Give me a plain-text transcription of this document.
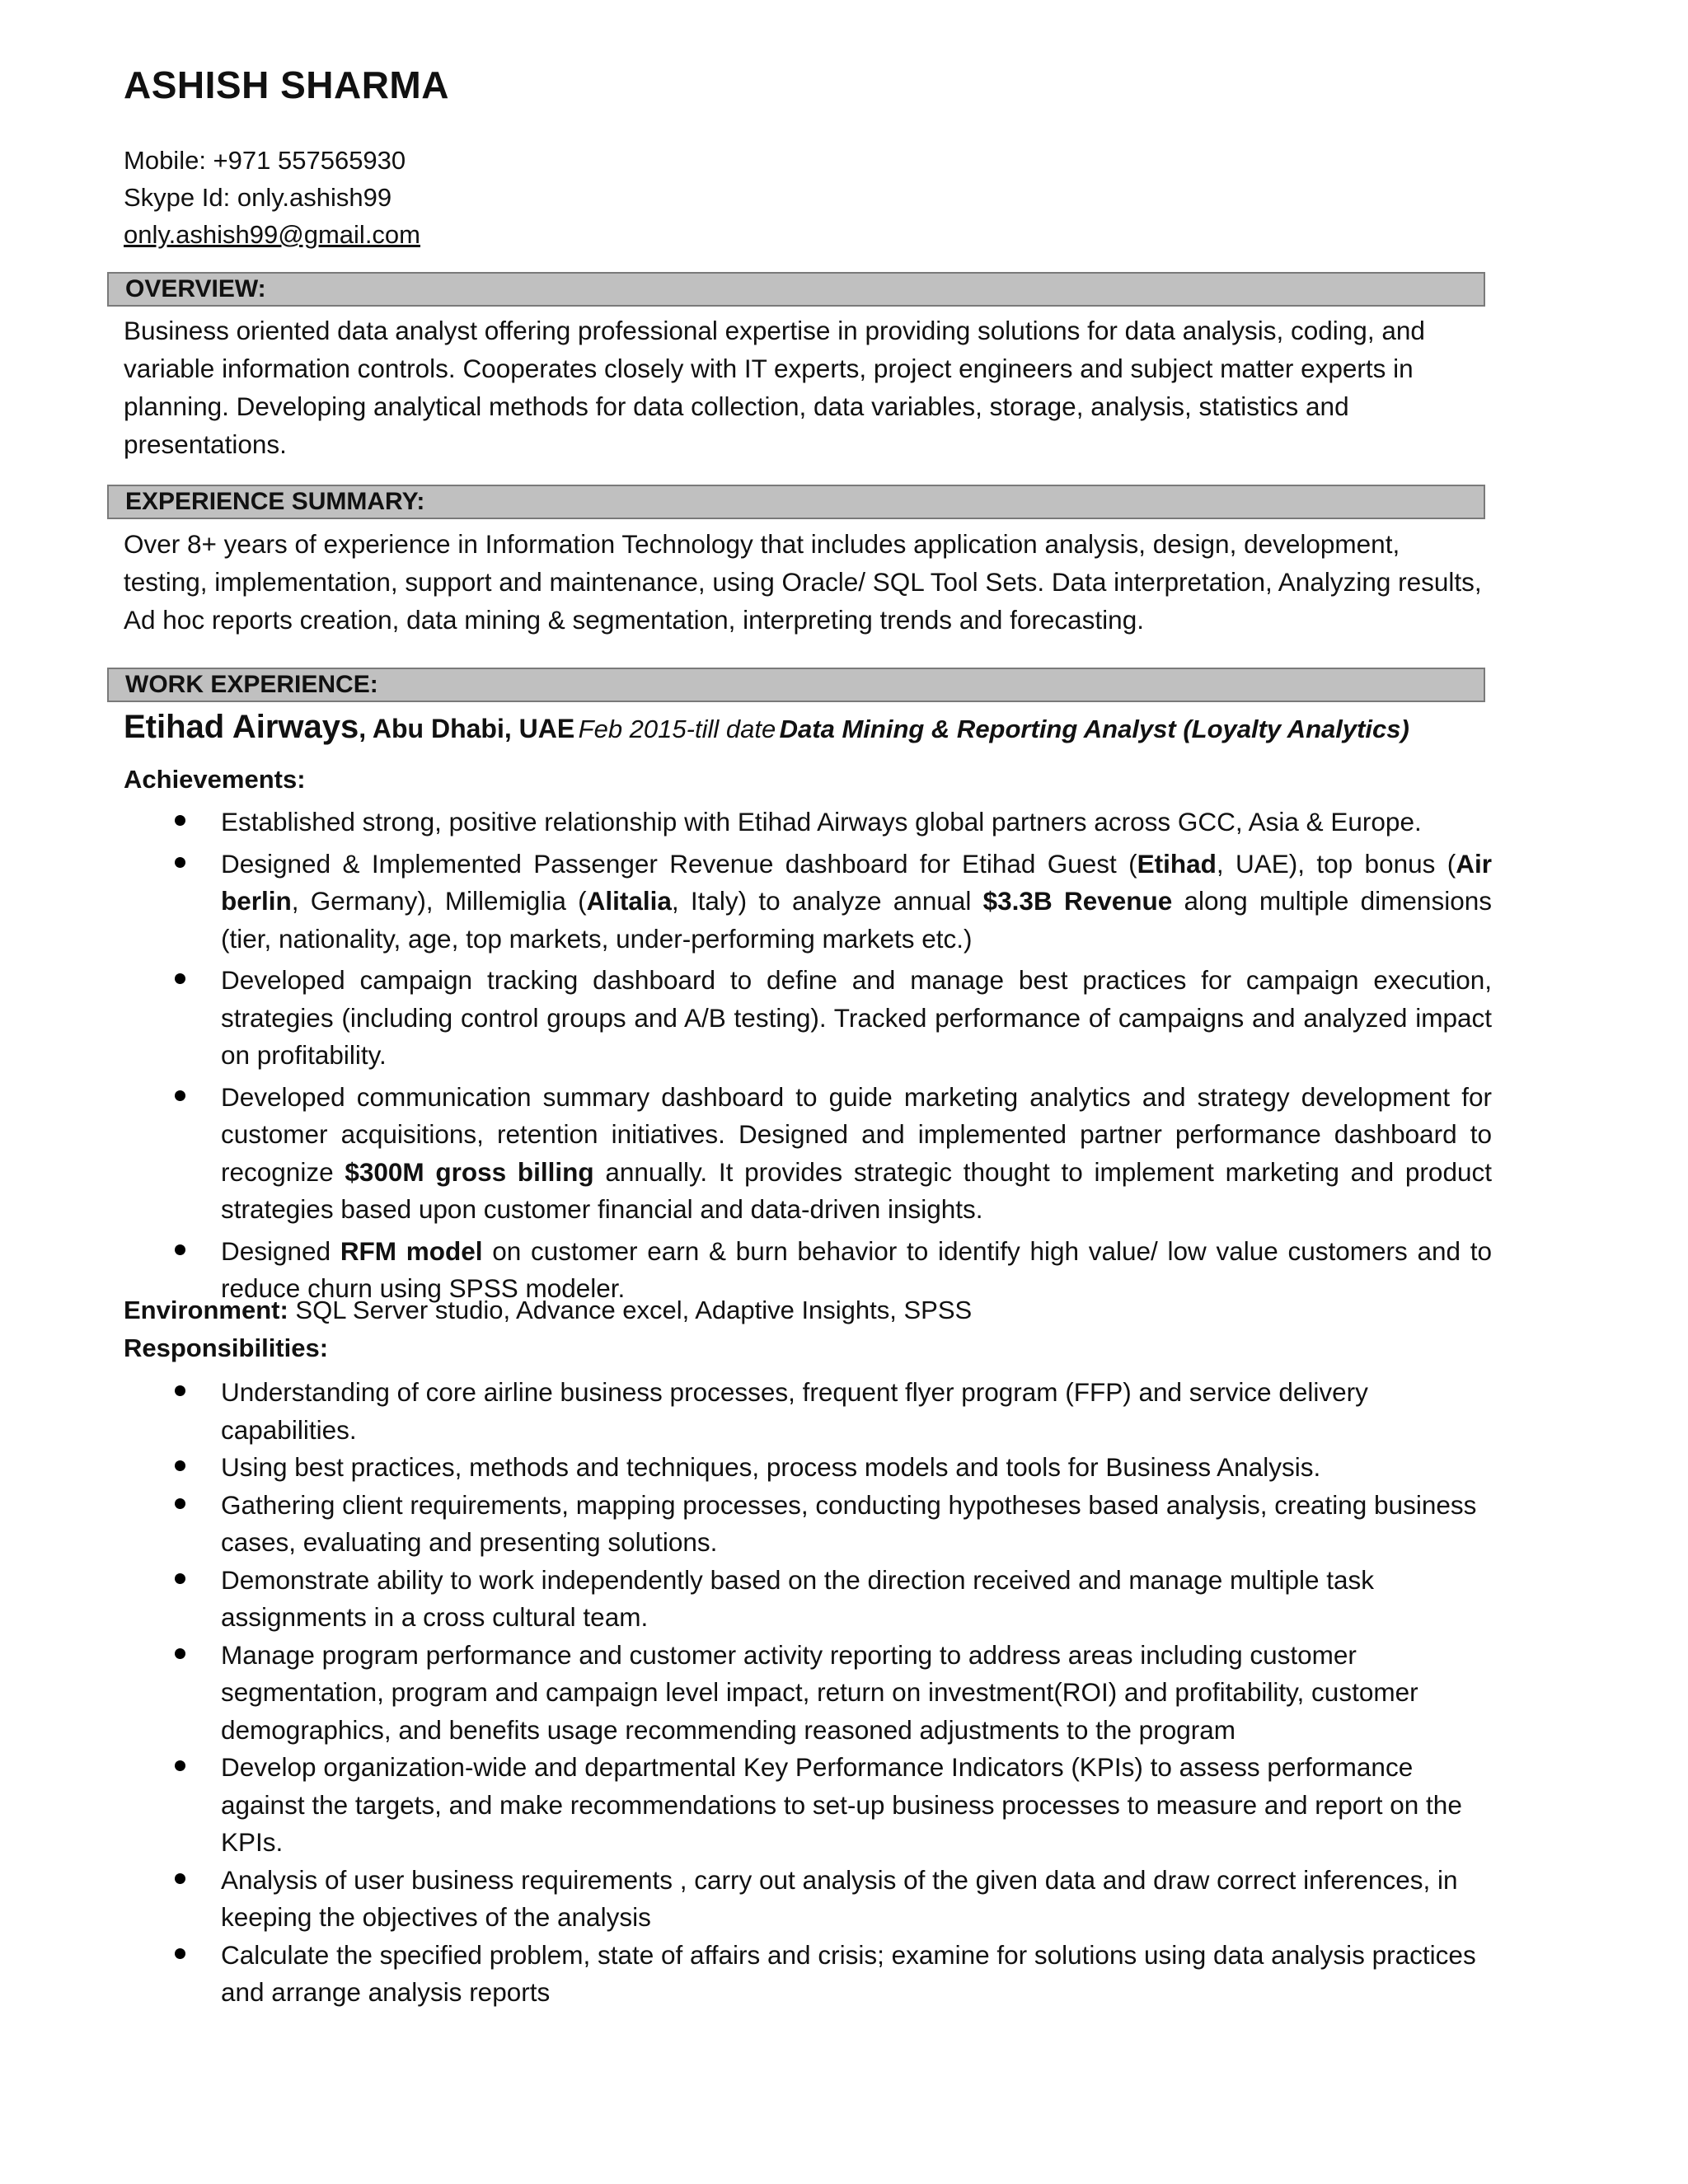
ASHISH SHARMA
Mobile: +971 557565930
Skype Id: only.ashish99
only.ashish99@gmail.com
OVERVIEW:

Business oriented data analyst offering professional expertise in providing solutions for data analysis, coding, and variable information controls. Cooperates closely with IT experts, project engineers and subject matter experts in planning. Developing analytical methods for data collection, data variables, storage, analysis, statistics and presentations.

EXPERIENCE SUMMARY:

Over 8+ years of experience in Information Technology that includes application analysis, design, development, testing, implementation, support and maintenance, using Oracle/ SQL Tool Sets. Data interpretation, Analyzing results, Ad hoc reports creation, data mining & segmentation, interpreting trends and forecasting.

WORK EXPERIENCE:
Etihad Airways, Abu Dhabi, UAE Feb 2015-till date Data Mining & Reporting Analyst (Loyalty Analytics)
Achievements:
Established strong, positive relationship with Etihad Airways global partners across GCC, Asia & Europe.
Designed & Implemented Passenger Revenue dashboard for Etihad Guest (Etihad, UAE), top bonus (Air berlin, Germany), Millemiglia (Alitalia, Italy) to analyze annual $3.3B Revenue along multiple dimensions (tier, nationality, age, top markets, under-performing markets etc.)
Developed campaign tracking dashboard to define and manage best practices for campaign execution, strategies (including control groups and A/B testing). Tracked performance of campaigns and analyzed impact on profitability.
Developed communication summary dashboard to guide marketing analytics and strategy development for customer acquisitions, retention initiatives. Designed and implemented partner performance dashboard to recognize $300M gross billing annually. It provides strategic thought to implement marketing and product strategies based upon customer financial and data-driven insights.
Designed RFM model on customer earn & burn behavior to identify high value/ low value customers and to reduce churn using SPSS modeler.
Environment: SQL Server studio, Advance excel, Adaptive Insights, SPSS
Responsibilities:
Understanding of core airline business processes, frequent flyer program (FFP) and service delivery capabilities.
Using best practices, methods and techniques, process models and tools for Business Analysis.
Gathering client requirements, mapping processes, conducting hypotheses based analysis, creating business cases, evaluating and presenting solutions.
Demonstrate ability to work independently based on the direction received and manage multiple task assignments in a cross cultural team.
Manage program performance and customer activity reporting to address areas including customer segmentation, program and campaign level impact, return on investment(ROI) and profitability, customer demographics, and benefits usage recommending reasoned adjustments to the program
Develop organization-wide and departmental Key Performance Indicators (KPIs) to assess performance against the targets, and make recommendations to set-up business processes to measure and report on the KPIs.
Analysis of user business requirements , carry out analysis of the given data and draw correct inferences, in keeping the objectives of the analysis
Calculate the specified problem, state of affairs and crisis; examine for solutions using data analysis practices and arrange analysis reports
